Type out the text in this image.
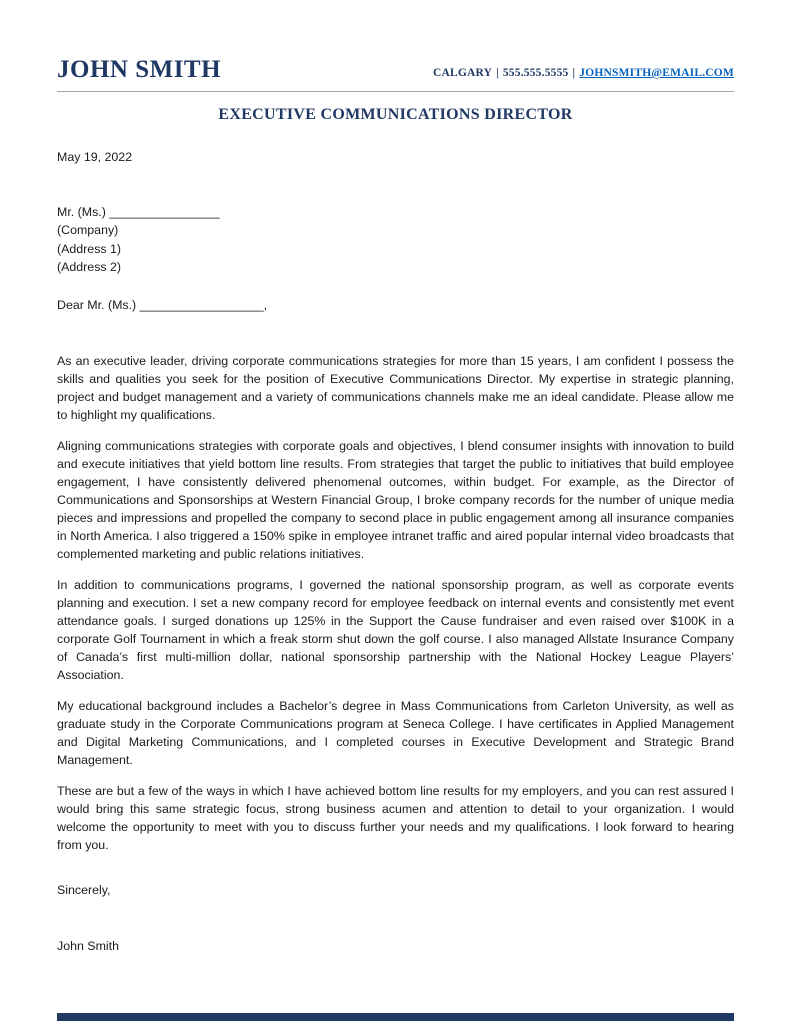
JOHN SMITH	CALGARY | 555.555.5555 | JOHNSMITH@EMAIL.COM
EXECUTIVE COMMUNICATIONS DIRECTOR
May 19, 2022
Mr. (Ms.) ________________
(Company)
(Address 1)
(Address 2)
Dear Mr. (Ms.) __________________,

As an executive leader, driving corporate communications strategies for more than 15 years, I am confident I possess the skills and qualities you seek for the position of Executive Communications Director. My expertise in strategic planning, project and budget management and a variety of communications channels make me an ideal candidate. Please allow me to highlight my qualifications.

Aligning communications strategies with corporate goals and objectives, I blend consumer insights with innovation to build and execute initiatives that yield bottom line results. From strategies that target the public to initiatives that build employee engagement, I have consistently delivered phenomenal outcomes, within budget. For example, as the Director of Communications and Sponsorships at Western Financial Group, I broke company records for the number of unique media pieces and impressions and propelled the company to second place in public engagement among all insurance companies in North America. I also triggered a 150% spike in employee intranet traffic and aired popular internal video broadcasts that complemented marketing and public relations initiatives.

In addition to communications programs, I governed the national sponsorship program, as well as corporate events planning and execution. I set a new company record for employee feedback on internal events and consistently met event attendance goals. I surged donations up 125% in the Support the Cause fundraiser and even raised over $100K in a corporate Golf Tournament in which a freak storm shut down the golf course. I also managed Allstate Insurance Company of Canada’s first multi-million dollar, national sponsorship partnership with the National Hockey League Players’ Association.

My educational background includes a Bachelor’s degree in Mass Communications from Carleton University, as well as graduate study in the Corporate Communications program at Seneca College. I have certificates in Applied Management and Digital Marketing Communications, and I completed courses in Executive Development and Strategic Brand Management.

These are but a few of the ways in which I have achieved bottom line results for my employers, and you can rest assured I would bring this same strategic focus, strong business acumen and attention to detail to your organization. I would welcome the opportunity to meet with you to discuss further your needs and my qualifications. I look forward to hearing from you.

Sincerely,
John Smith
